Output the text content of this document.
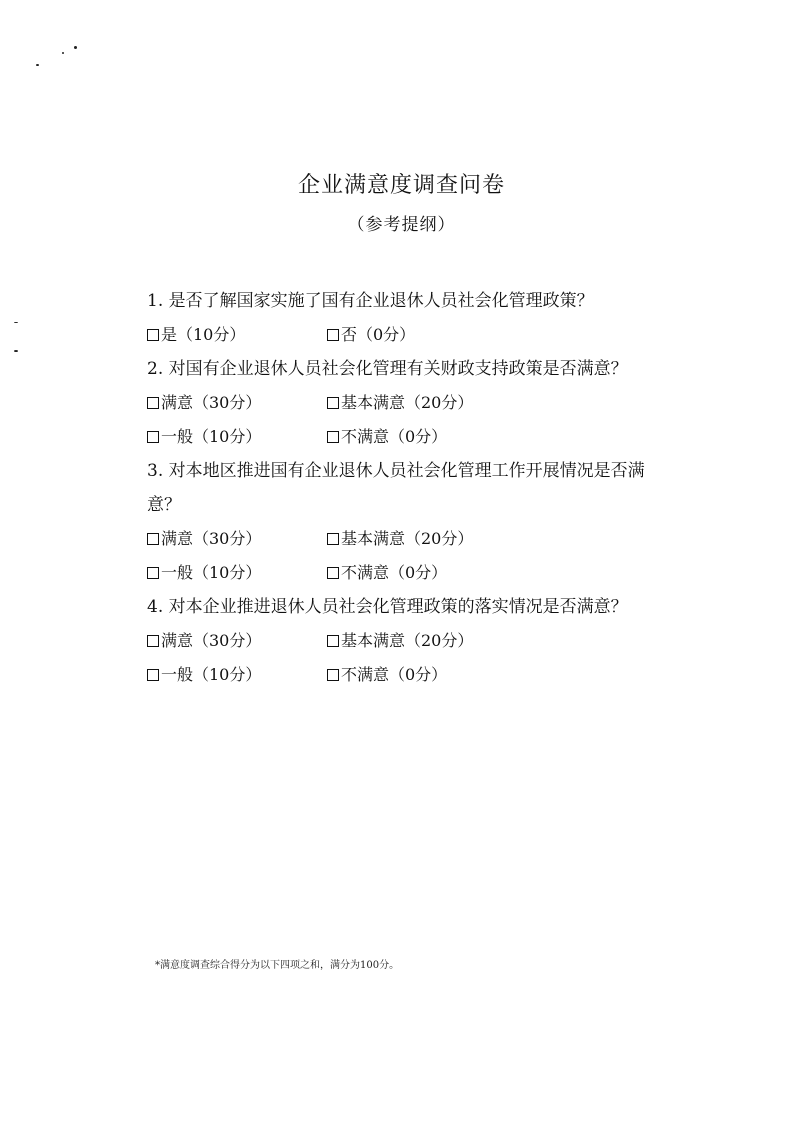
企业满意度调查问卷
（参考提纲）

1. 是否了解国家实施了国有企业退休人员社会化管理政策？

是（10分）	否（0分）

2. 对国有企业退休人员社会化管理有关财政支持政策是否满意？

满意（30分）	基本满意（20分）
一般（10分）	不满意（0分）

3. 对本地区推进国有企业退休人员社会化管理工作开展情况是否满意？

满意（30分）	基本满意（20分）
一般（10分）	不满意（0分）

4. 对本企业推进退休人员社会化管理政策的落实情况是否满意？

满意（30分）	基本满意（20分）
一般（10分）	不满意（0分）
*满意度调查综合得分为以下四项之和，满分为100分。
